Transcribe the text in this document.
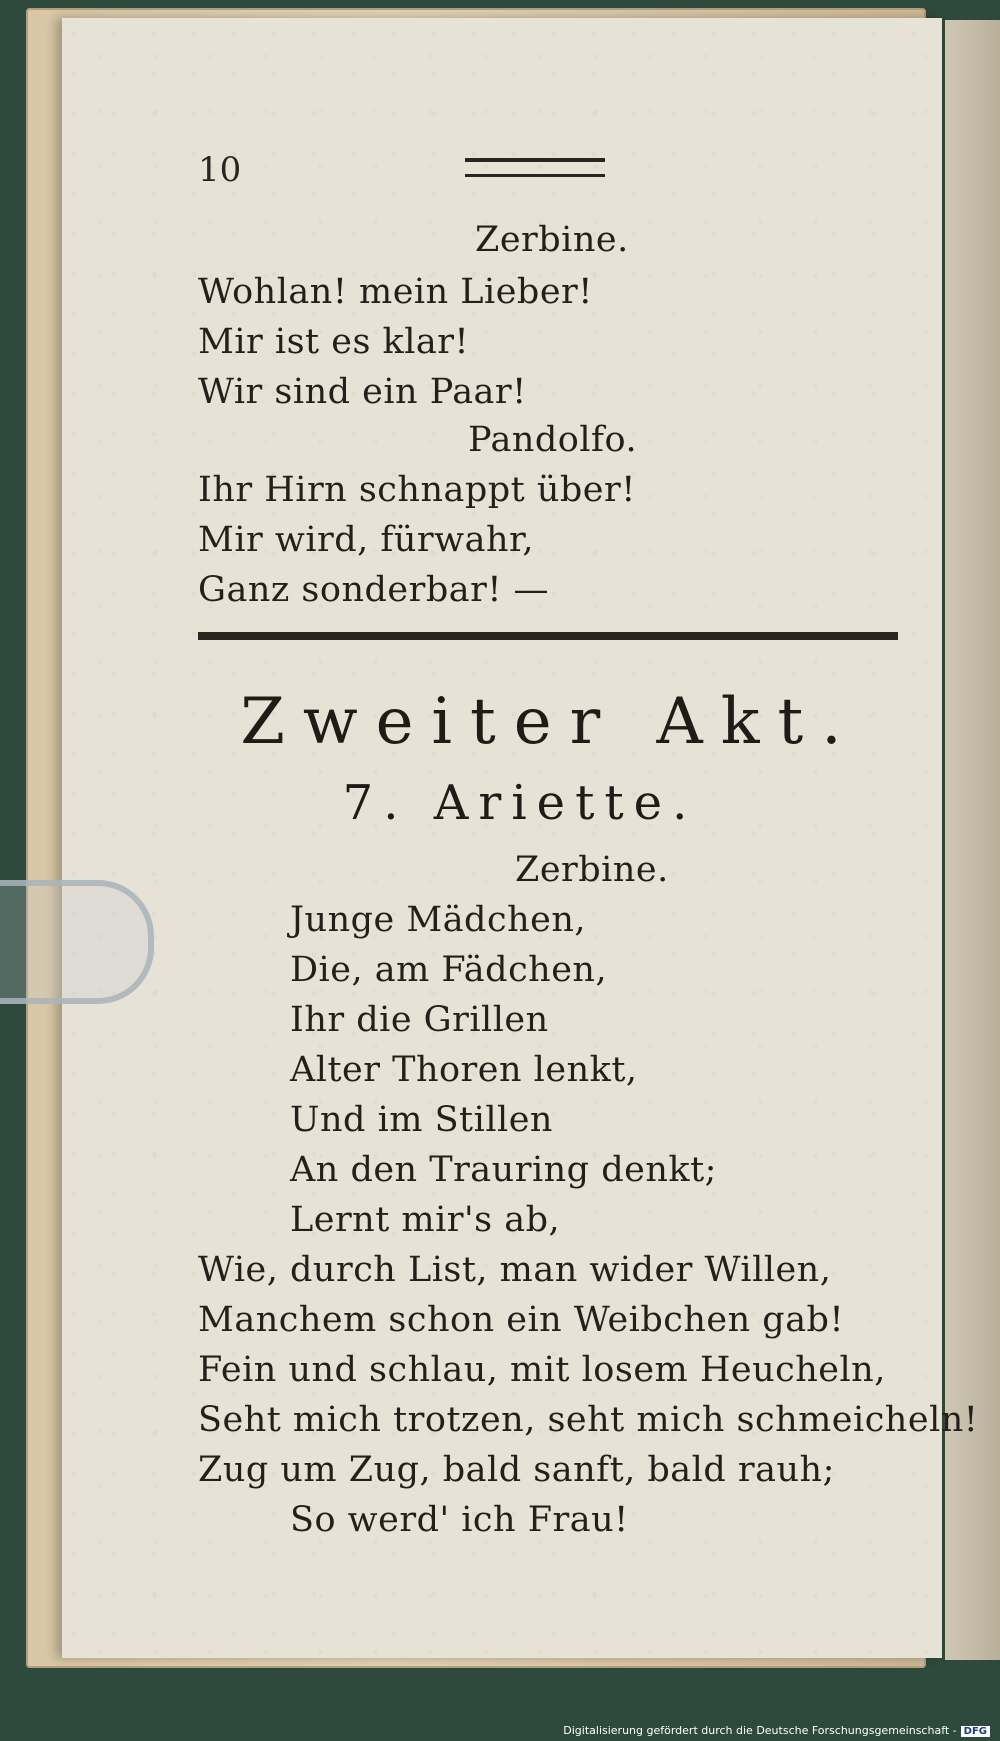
10
Zerbine.
Wohlan! mein Lieber!
Mir ist es klar!
Wir sind ein Paar!
Pandolfo.
Ihr Hirn schnappt über!
Mir wird, fürwahr,
Ganz sonderbar! —
Zweiter Akt.
7. Ariette.
Zerbine.
Junge Mädchen,
Die, am Fädchen,
Ihr die Grillen
Alter Thoren lenkt,
Und im Stillen
An den Trauring denkt;
Lernt mir's ab,
Wie, durch List, man wider Willen,
Manchem schon ein Weibchen gab!
Fein und schlau, mit losem Heucheln,
Seht mich trotzen, seht mich schmeicheln!
Zug um Zug, bald sanft, bald rauh;
So werd' ich Frau!
Digitalisierung gefördert durch die Deutsche Forschungsgemeinschaft - DFG
